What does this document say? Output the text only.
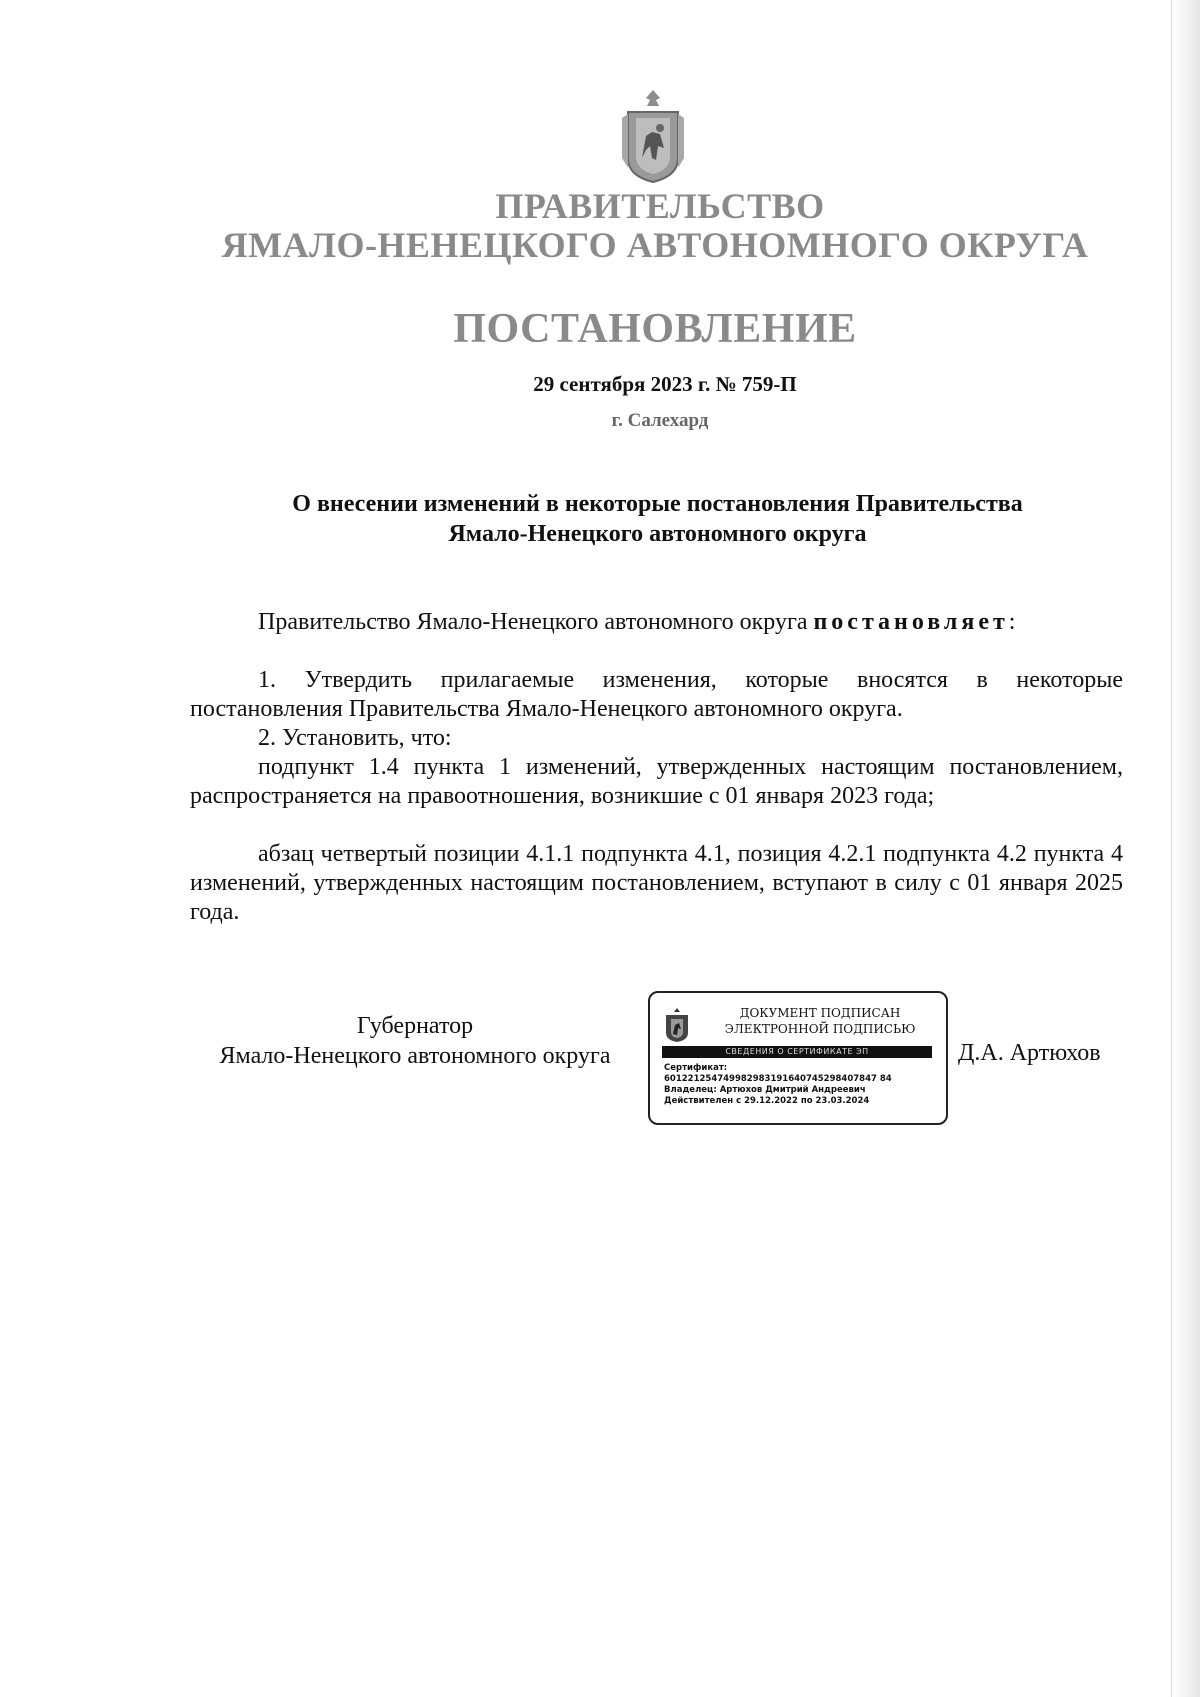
ПРАВИТЕЛЬСТВО
ЯМАЛО-НЕНЕЦКОГО АВТОНОМНОГО ОКРУГА
ПОСТАНОВЛЕНИЕ
29 сентября 2023 г. № 759-П
г. Салехард
О внесении изменений в некоторые постановления Правительства
Ямало-Ненецкого автономного округа
Правительство Ямало-Ненецкого автономного округа постановляет:
1. Утвердить прилагаемые изменения, которые вносятся в некоторые постановления Правительства Ямало-Ненецкого автономного округа.
2. Установить, что:
подпункт 1.4 пункта 1 изменений, утвержденных настоящим постановлением, распространяется на правоотношения, возникшие с 01 января 2023 года;
абзац четвертый позиции 4.1.1 подпункта 4.1, позиция 4.2.1 подпункта 4.2 пункта 4 изменений, утвержденных настоящим постановлением, вступают в силу с 01 января 2025 года.
Губернатор
Ямало-Ненецкого автономного округа
ДОКУМЕНТ ПОДПИСАН
ЭЛЕКТРОННОЙ ПОДПИСЬЮ
СВЕДЕНИЯ О СЕРТИФИКАТЕ ЭП
Сертификат:
601221254749982983191640745298407847 84
Владелец: Артюхов Дмитрий Андреевич
Действителен с 29.12.2022 по 23.03.2024
Д.А. Артюхов
